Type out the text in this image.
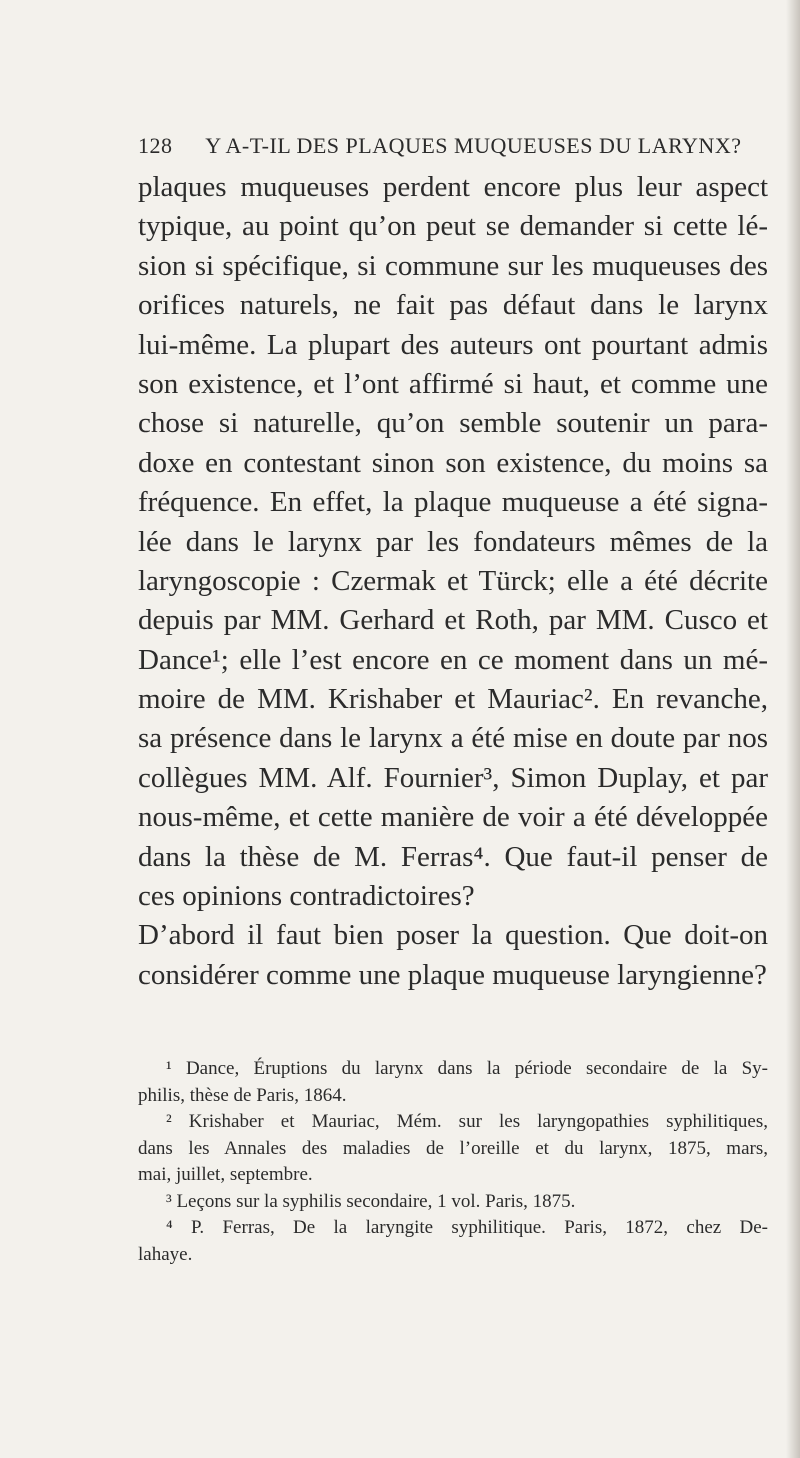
128 Y A-T-IL DES PLAQUES MUQUEUSES DU LARYNX?
plaques muqueuses perdent encore plus leur aspect
typique, au point qu’on peut se demander si cette lé-
sion si spécifique, si commune sur les muqueuses des
orifices naturels, ne fait pas défaut dans le larynx
lui-même. La plupart des auteurs ont pourtant admis
son existence, et l’ont affirmé si haut, et comme une
chose si naturelle, qu’on semble soutenir un para-
doxe en contestant sinon son existence, du moins sa
fréquence. En effet, la plaque muqueuse a été signa-
lée dans le larynx par les fondateurs mêmes de la
laryngoscopie : Czermak et Türck; elle a été décrite
depuis par MM. Gerhard et Roth, par MM. Cusco et
Dance¹; elle l’est encore en ce moment dans un mé-
moire de MM. Krishaber et Mauriac². En revanche,
sa présence dans le larynx a été mise en doute par nos
collègues MM. Alf. Fournier³, Simon Duplay, et par
nous-même, et cette manière de voir a été développée
dans la thèse de M. Ferras⁴. Que faut-il penser de
ces opinions contradictoires?
D’abord il faut bien poser la question. Que doit-on
considérer comme une plaque muqueuse laryngienne?
¹ Dance, Éruptions du larynx dans la période secondaire de la Sy-
philis, thèse de Paris, 1864.
² Krishaber et Mauriac, Mém. sur les laryngopathies syphilitiques,
dans les Annales des maladies de l’oreille et du larynx, 1875, mars,
mai, juillet, septembre.
³ Leçons sur la syphilis secondaire, 1 vol. Paris, 1875.
⁴ P. Ferras, De la laryngite syphilitique. Paris, 1872, chez De-
lahaye.
